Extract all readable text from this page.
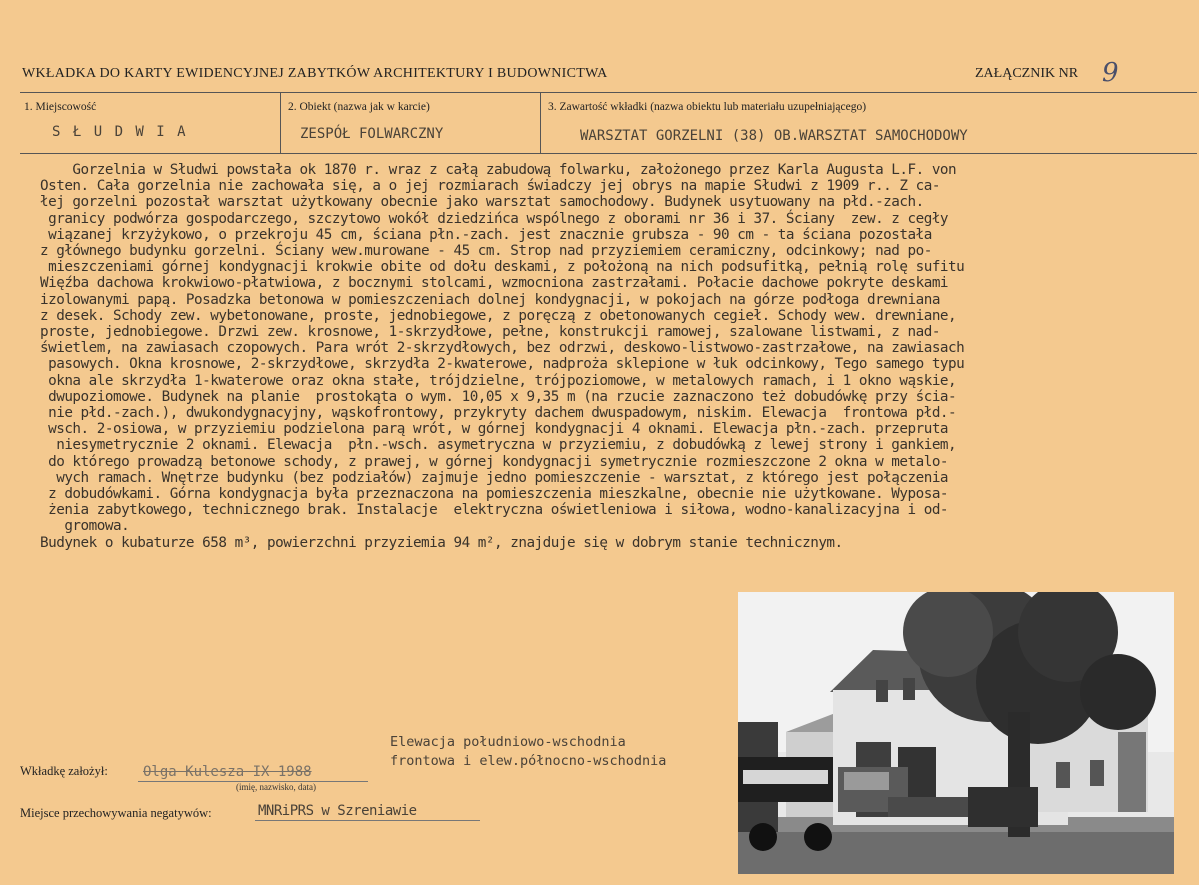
WKŁADKA DO KARTY EWIDENCYJNEJ ZABYTKÓW ARCHITEKTURY I BUDOWNICTWA	ZAŁĄCZNIK NR 9
1. Miejscowość
S Ł U D W I A
2. Obiekt (nazwa jak w karcie)
ZESPÓŁ FOLWARCZNY
3. Zawartość wkładki (nazwa obiektu lub materiału uzupełniającego)
WARSZTAT GORZELNI (38) OB.WARSZTAT SAMOCHODOWY
Gorzelnia w Słudwi powstała ok 1870 r. wraz z całą zabudową folwarku, założonego przez Karla Augusta L.F. von
Osten. Cała gorzelnia nie zachowała się, a o jej rozmiarach świadczy jej obrys na mapie Słudwi z 1909 r.. Z ca-
łej gorzelni pozostał warsztat użytkowany obecnie jako warsztat samochodowy. Budynek usytuowany na płd.-zach.
granicy podwórza gospodarczego, szczytowo wokół dziedzińca wspólnego z oborami nr 36 i 37. Ściany  zew. z cegły
wiązanej krzyżykowo, o przekroju 45 cm, ściana płn.-zach. jest znacznie grubsza - 90 cm - ta ściana pozostała
z głównego budynku gorzelni. Ściany wew.murowane - 45 cm. Strop nad przyziemiem ceramiczny, odcinkowy; nad po-
mieszczeniami górnej kondygnacji krokwie obite od dołu deskami, z położoną na nich podsufitką, pełnią rolę sufitu
Więźba dachowa krokwiowo-płatwiowa, z bocznymi stolcami, wzmocniona zastrzałami. Połacie dachowe pokryte deskami
izolowanymi papą. Posadzka betonowa w pomieszczeniach dolnej kondygnacji, w pokojach na górze podłoga drewniana
z desek. Schody zew. wybetonowane, proste, jednobiegowe, z poręczą z obetonowanych cegieł. Schody wew. drewniane,
proste, jednobiegowe. Drzwi zew. krosnowe, 1-skrzydłowe, pełne, konstrukcji ramowej, szalowane listwami, z nad-
świetlem, na zawiasach czopowych. Para wrót 2-skrzydłowych, bez odrzwi, deskowo-listwowo-zastrzałowe, na zawiasach
pasowych. Okna krosnowe, 2-skrzydłowe, skrzydła 2-kwaterowe, nadproża sklepione w łuk odcinkowy, Tego samego typu
okna ale skrzydła 1-kwaterowe oraz okna stałe, trójdzielne, trójpoziomowe, w metalowych ramach, i 1 okno wąskie,
dwupoziomowe. Budynek na planie  prostokąta o wym. 10,05 x 9,35 m (na rzucie zaznaczono też dobudówkę przy ścia-
nie płd.-zach.), dwukondygnacyjny, wąskofrontowy, przykryty dachem dwuspadowym, niskim. Elewacja  frontowa płd.-
wsch. 2-osiowa, w przyziemiu podzielona parą wrót, w górnej kondygnacji 4 oknami. Elewacja płn.-zach. przepruta
niesymetrycznie 2 oknami. Elewacja  płn.-wsch. asymetryczna w przyziemiu, z dobudówką z lewej strony i gankiem,
do którego prowadzą betonowe schody, z prawej, w górnej kondygnacji symetrycznie rozmieszczone 2 okna w metalo-
wych ramach. Wnętrze budynku (bez podziałów) zajmuje jedno pomieszczenie - warsztat, z którego jest połączenia
z dobudówkami. Górna kondygnacja była przeznaczona na pomieszczenia mieszkalne, obecnie nie użytkowane. Wyposa-
żenia zabytkowego, technicznego brak. Instalacje  elektryczna oświetleniowa i siłowa, wodno-kanalizacyjna i od-
gromowa.
Budynek o kubaturze 658 m³, powierzchni przyziemia 94 m², znajduje się w dobrym stanie technicznym.
Elewacja południowo-wschodnia
frontowa i elew.północno-wschodnia
Wkładkę założył:	Olga Kulesza IX 1988
(imię, nazwisko, data)
Miejsce przechowywania negatywów:	MNRiPRS w Szreniawie
